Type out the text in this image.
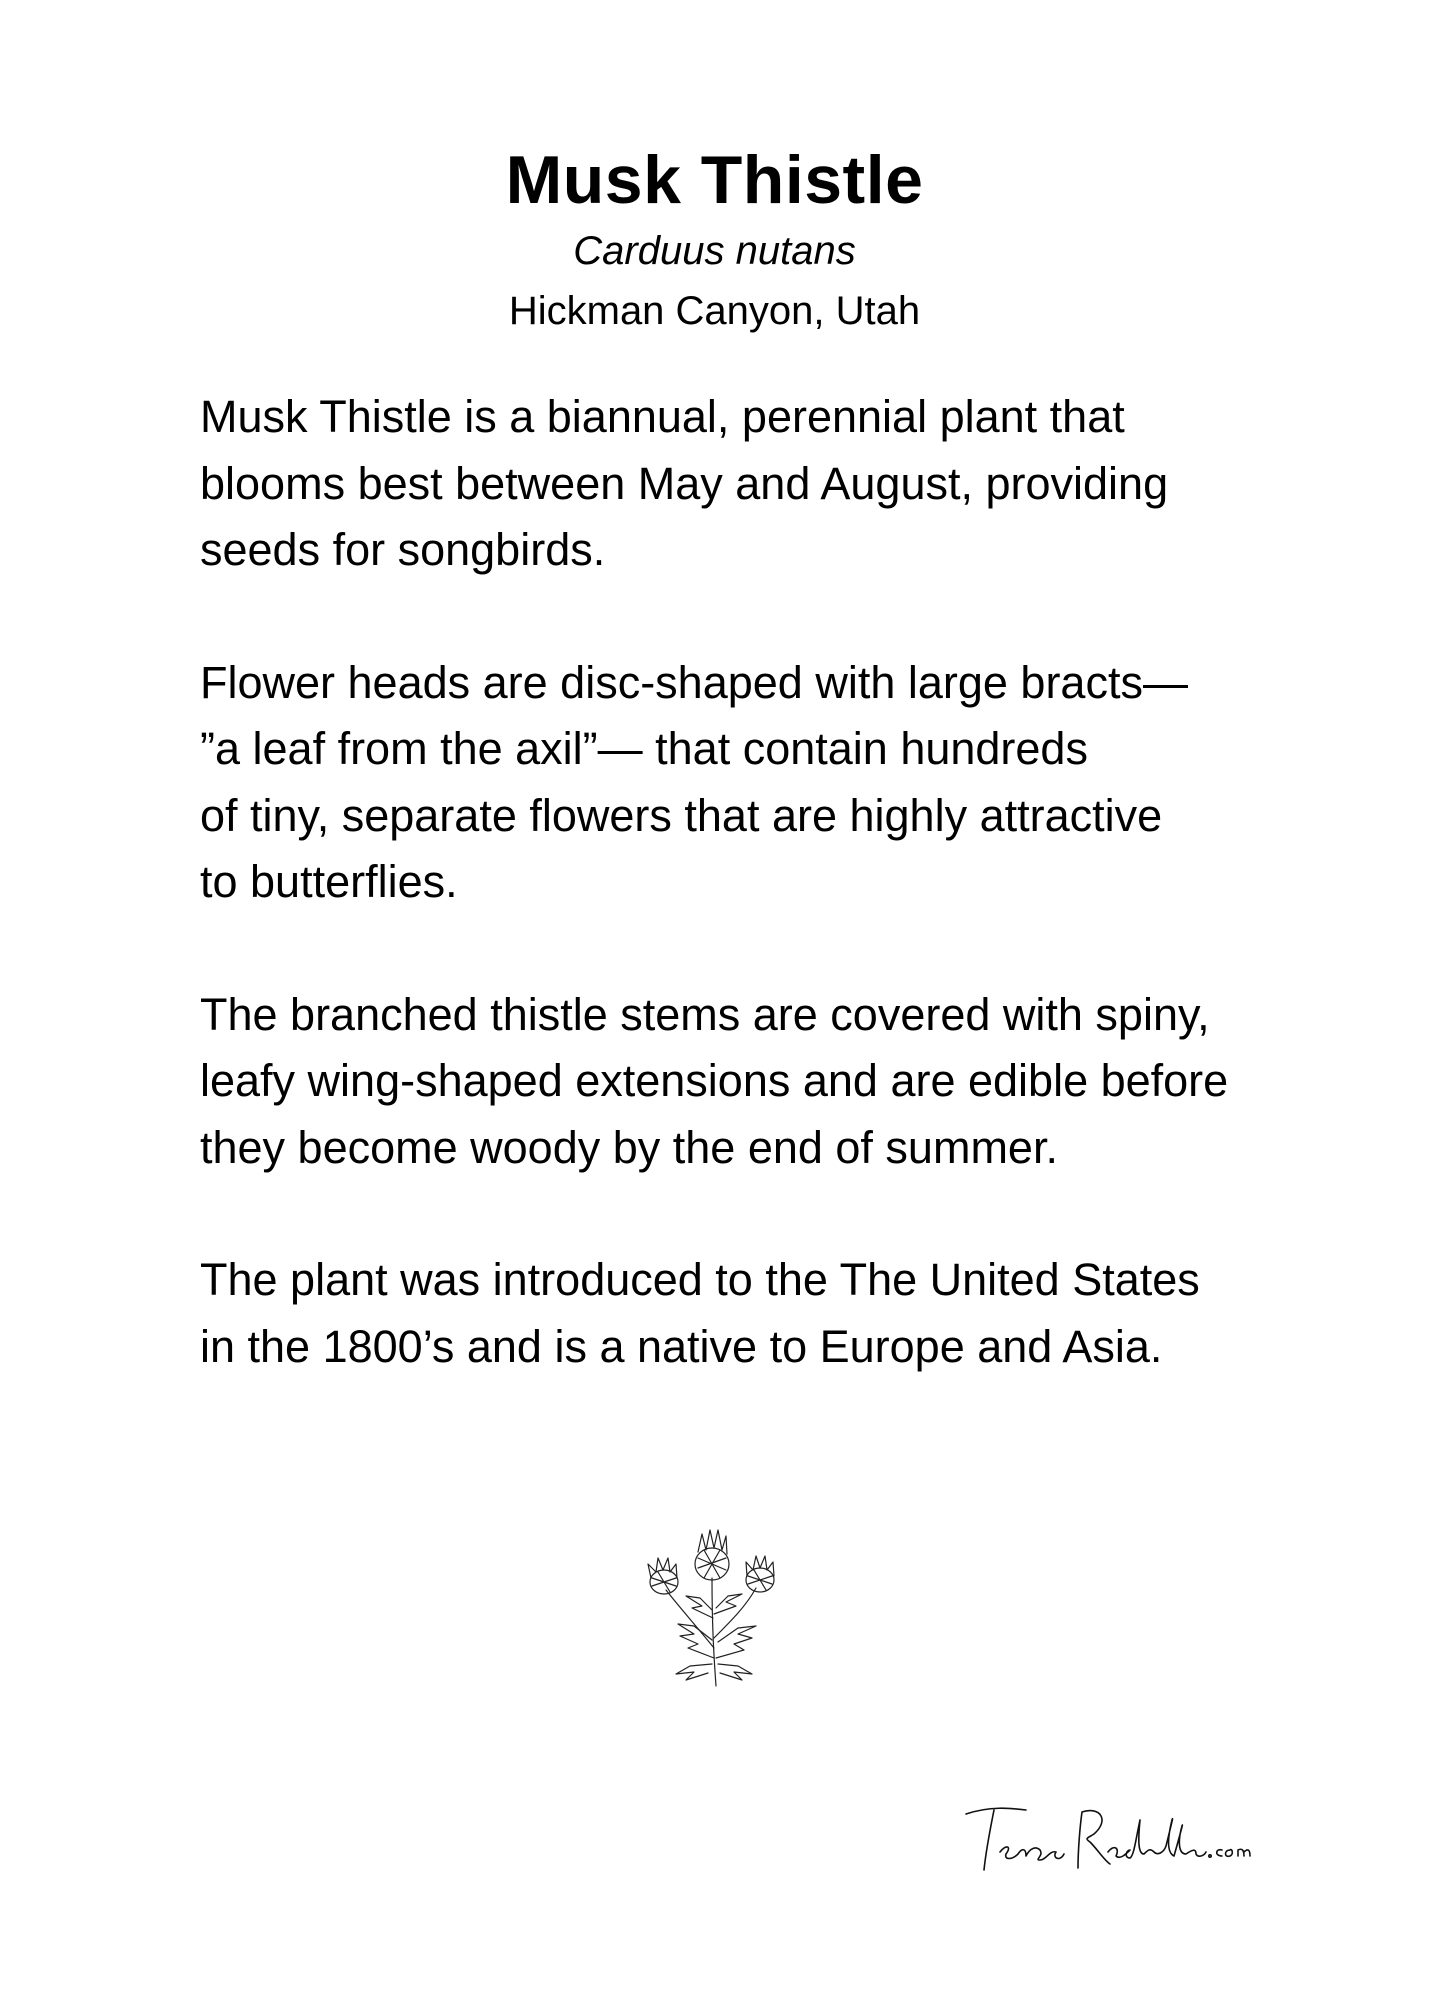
Musk Thistle

Carduus nutans

Hickman Canyon, Utah

Musk Thistle is a biannual, perennial plant that
blooms best between May and August, providing
seeds for songbirds.

Flower heads are disc-shaped with large bracts—
”a leaf from the axil”— that contain hundreds
of tiny, separate flowers that are highly attractive
to butterflies.

The branched thistle stems are covered with spiny,
leafy wing-shaped extensions and are edible before
they become woody by the end of summer.

The plant was introduced to the The United States
in the 1800’s and is a native to Europe and Asia.

TeresaRachelle.com
